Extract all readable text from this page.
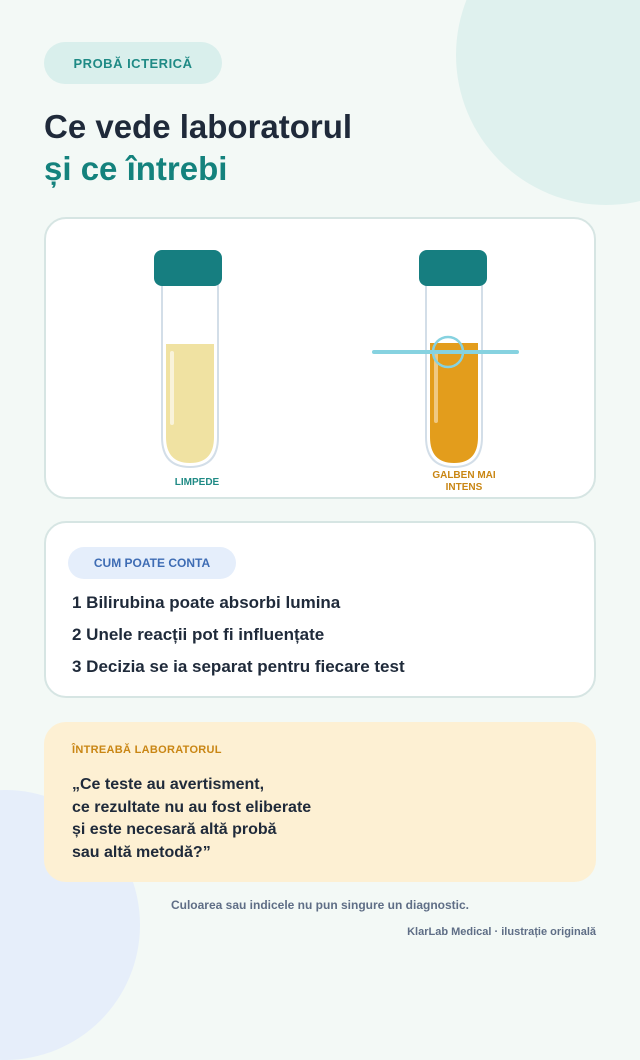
PROBĂ ICTERICĂ
Ce vede laboratorul
și ce întrebi
LIMPEDE
GALBEN MAI
INTENS
CUM POATE CONTA
1 Bilirubina poate absorbi lumina
2 Unele reacții pot fi influențate
3 Decizia se ia separat pentru fiecare test
ÎNTREABĂ LABORATORUL
„Ce teste au avertisment,
ce rezultate nu au fost eliberate
și este necesară altă probă
sau altă metodă?”
Culoarea sau indicele nu pun singure un diagnostic.
KlarLab Medical · ilustrație originală
